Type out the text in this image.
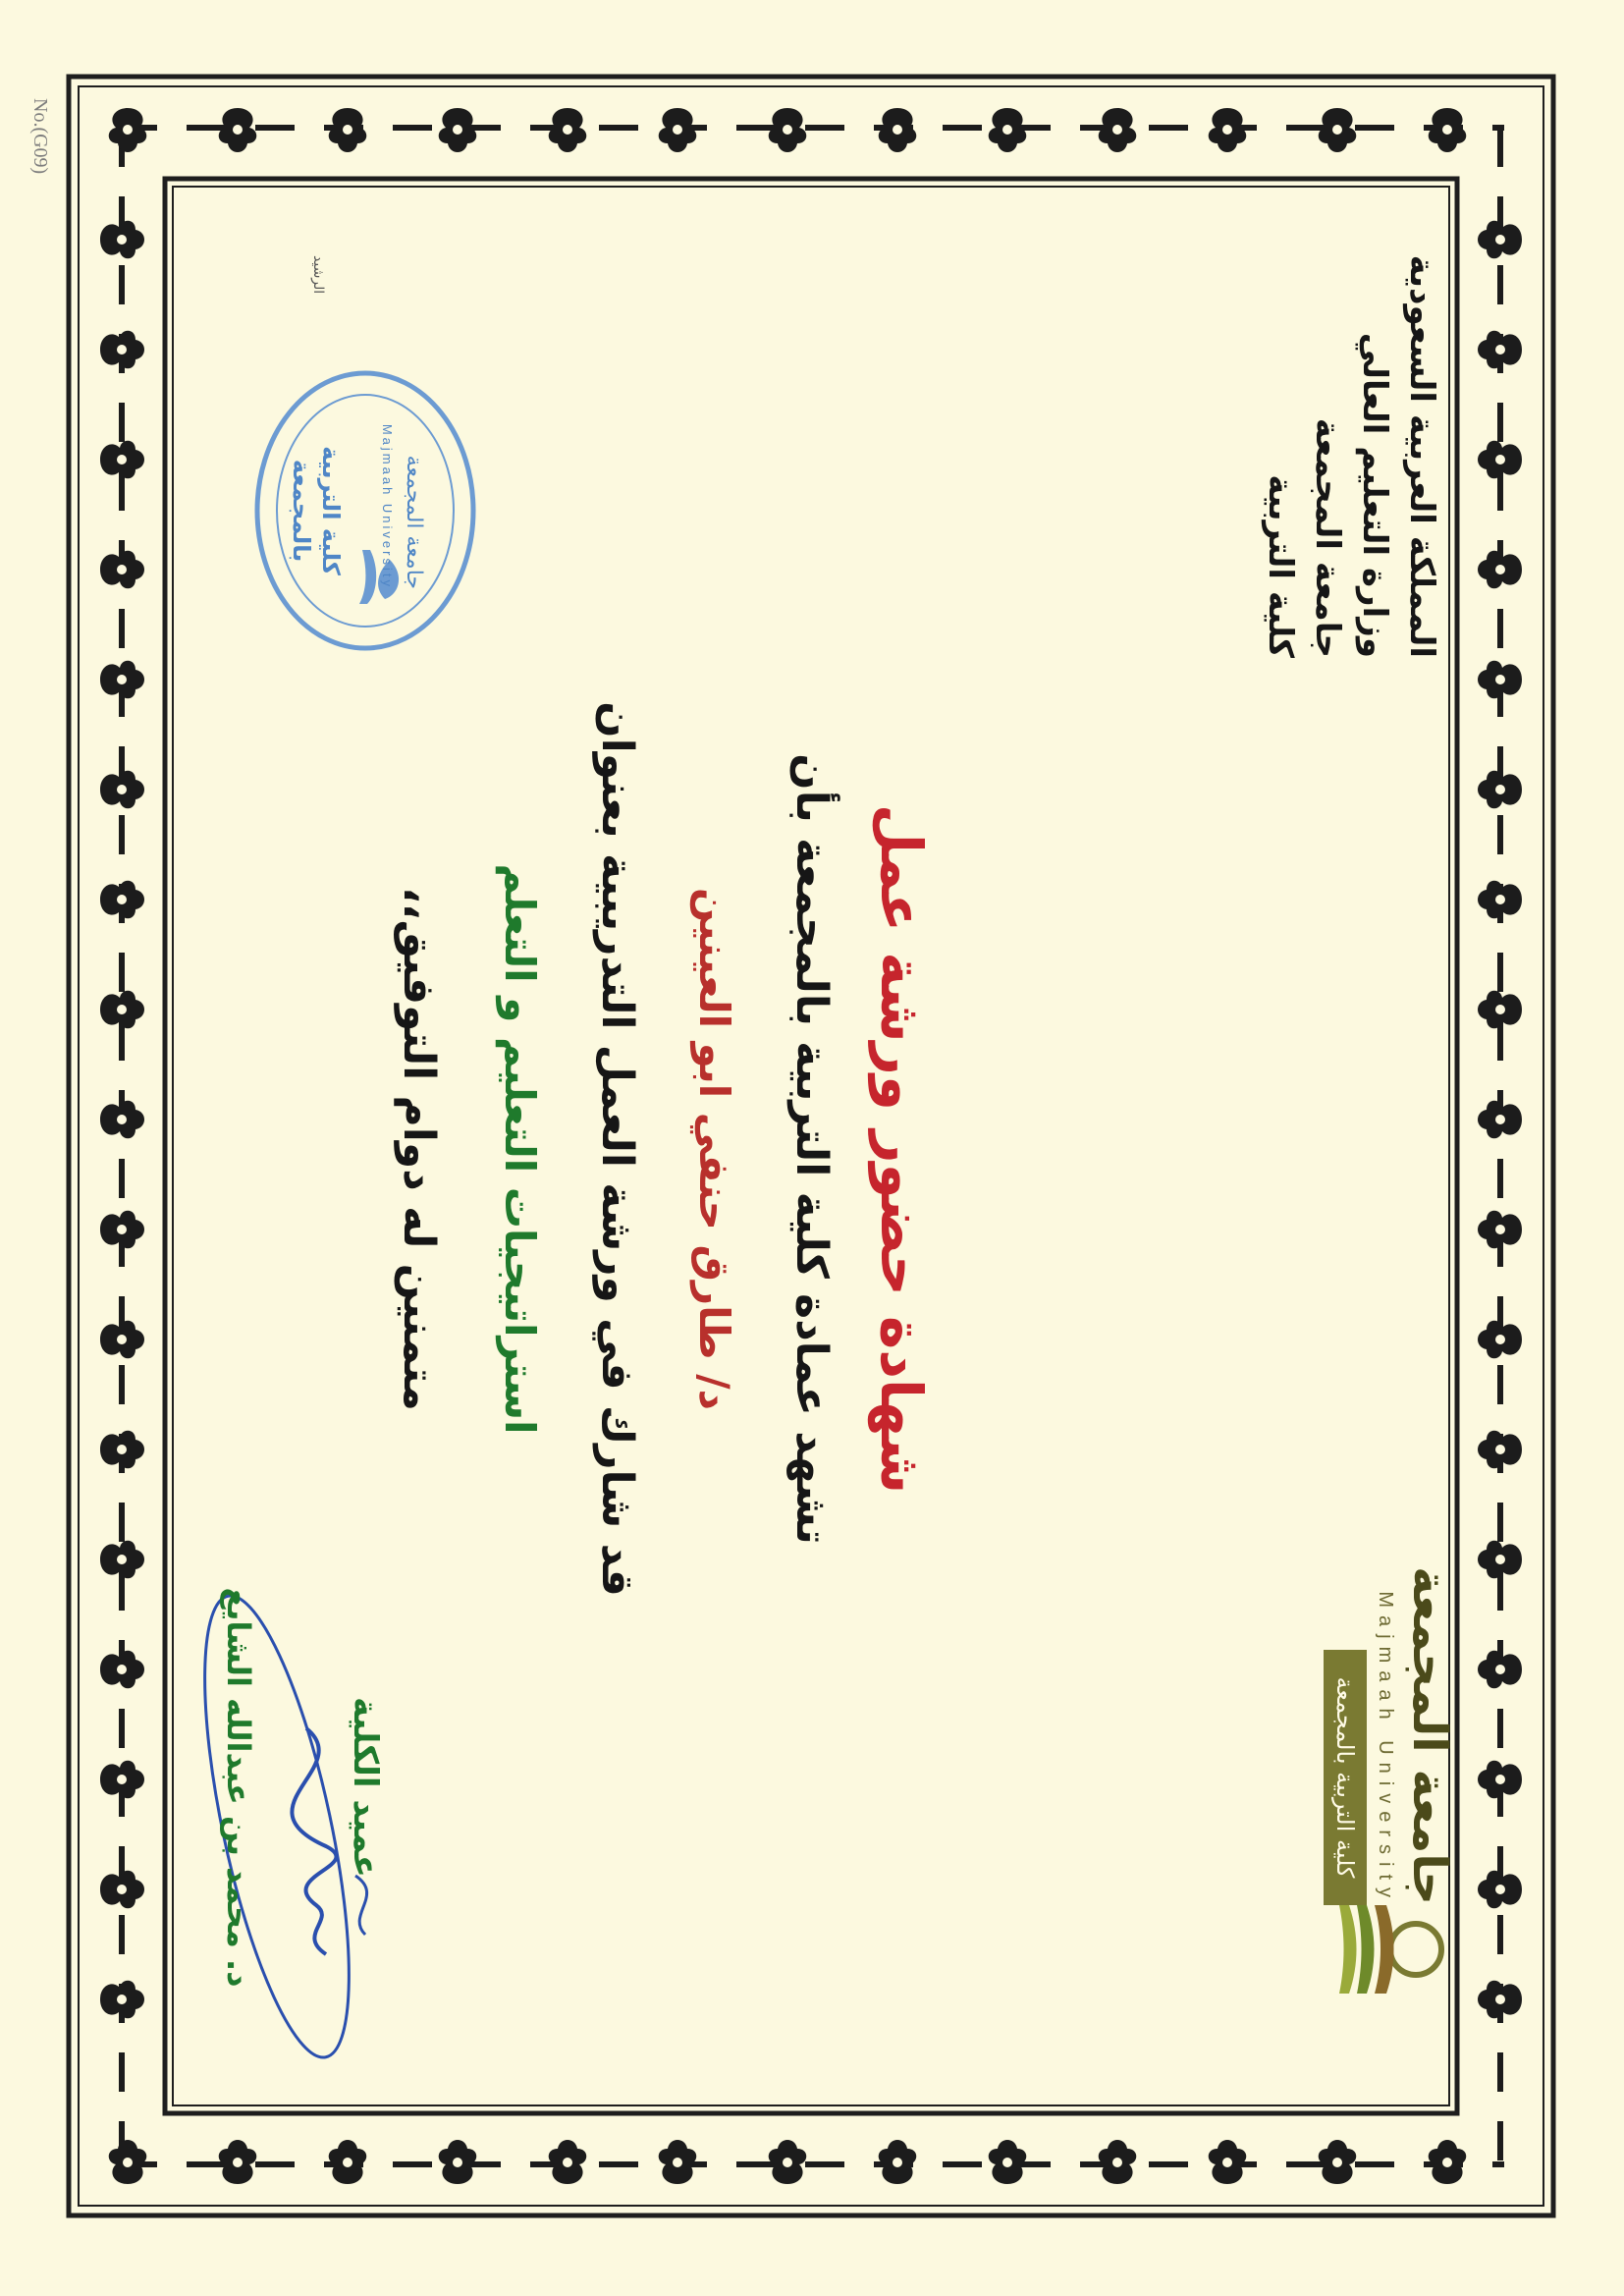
No.(G09)
المملكة العربية السعودية
وزارة التعليم العالي
جامعة المجمعة
كلية التربية
جامعة المجمعة
Majmaah University
كلية التربية بالمجمعة
شهادة حضور ورشة عمل
تشهد عمادة كلية التربية بالمجمعة بأن
د/ طارق حنفي ابو العينين
قد شارك في ورشة العمل التدريبية بعنوان
استراتيجيات التعليم و التعلم
متمنين له دوام التوفيق،،
جامعة المجمعة
Majmaah University
كلية التربية بالمجمعة
الرشيد
عميد الكلية
د. محمد بن عبدالله الشايع
